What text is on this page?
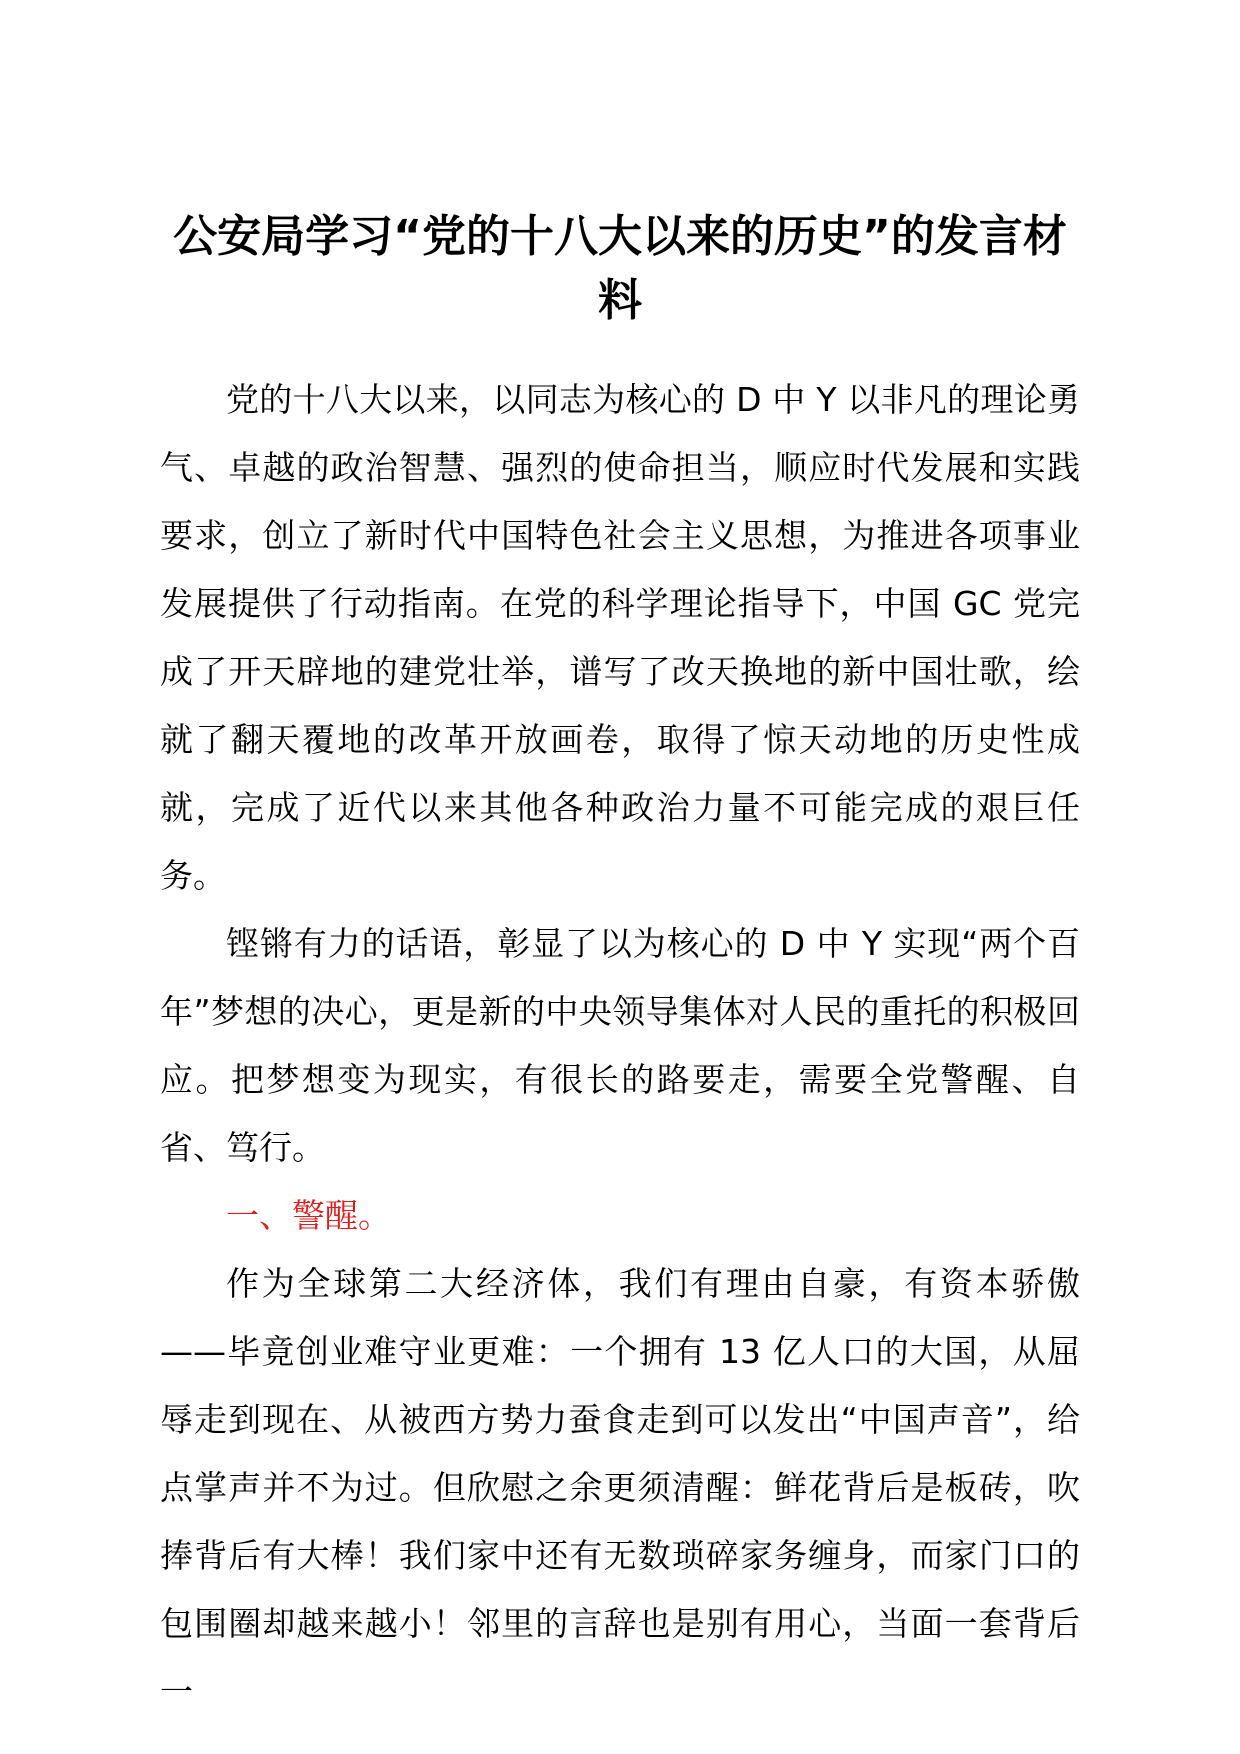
公安局学习“党的十八大以来的历史”的发言材料

党的十八大以来，以同志为核心的 D 中 Y 以非凡的理论勇气、卓越的政治智慧、强烈的使命担当，顺应时代发展和实践要求，创立了新时代中国特色社会主义思想，为推进各项事业发展提供了行动指南。在党的科学理论指导下，中国 GC 党完成了开天辟地的建党壮举，谱写了改天换地的新中国壮歌，绘就了翻天覆地的改革开放画卷，取得了惊天动地的历史性成就，完成了近代以来其他各种政治力量不可能完成的艰巨任务。

铿锵有力的话语，彰显了以为核心的 D 中 Y 实现“两个百年”梦想的决心，更是新的中央领导集体对人民的重托的积极回应。把梦想变为现实，有很长的路要走，需要全党警醒、自省、笃行。

一、警醒。

作为全球第二大经济体，我们有理由自豪，有资本骄傲——毕竟创业难守业更难：一个拥有 13 亿人口的大国，从屈辱走到现在、从被西方势力蚕食走到可以发出“中国声音”，给点掌声并不为过。但欣慰之余更须清醒：鲜花背后是板砖，吹捧背后有大棒！我们家中还有无数琐碎家务缠身，而家门口的包围圈却越来越小！邻里的言辞也是别有用心，当面一套背后一
